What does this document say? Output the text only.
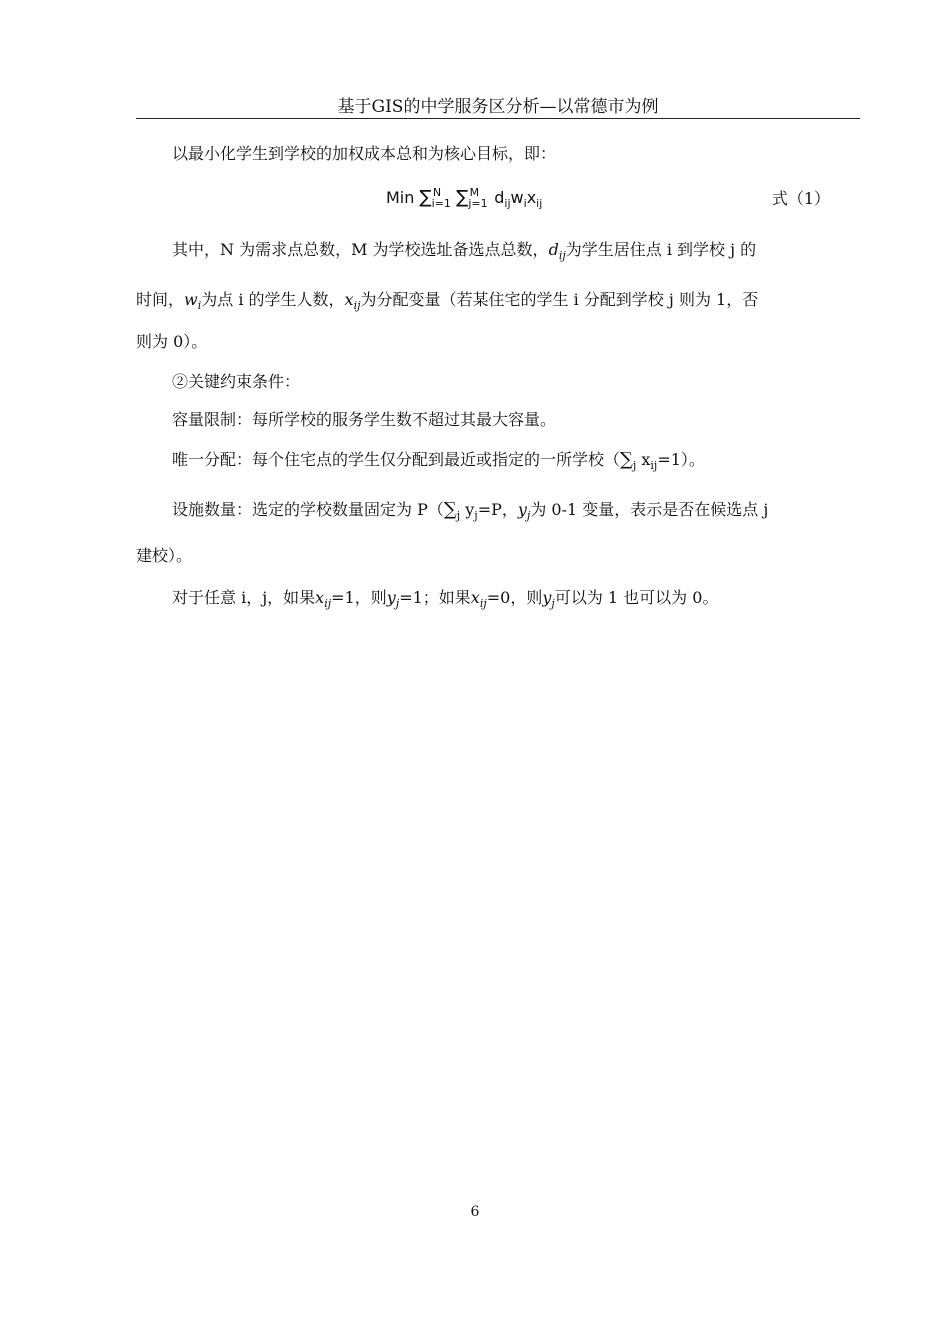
基于GIS的中学服务区分析—以常德市为例

以最小化学生到学校的加权成本总和为核心目标，即：

Min $\sum_{i=1}^N$ $\sum_{j=1}^M$ $d_{ij}w_ix_{ij}$	式（1）

其中，N 为需求点总数，M 为学校选址备选点总数，$d_{ij}$为学生居住点 i 到学校 j 的

时间，$w_i$为点 i 的学生人数，$x_{ij}$为分配变量（若某住宅的学生 i 分配到学校 j 则为 1，否

则为 0）。

②关键约束条件：

容量限制：每所学校的服务学生数不超过其最大容量。

唯一分配：每个住宅点的学生仅分配到最近或指定的一所学校（$\sum_j$ $x_{ij}=1$）。

设施数量：选定的学校数量固定为 $P(\sum_j$ $y_j=P$，$y_j$为 0-1 变量，表示是否在候选点 j

建校）。

对于任意 i，j，如果$x_{ij}=1$，则$y_j=1$；如果$x_{ij}=0$，则$y_j$可以为 1 也可以为 0。

6
